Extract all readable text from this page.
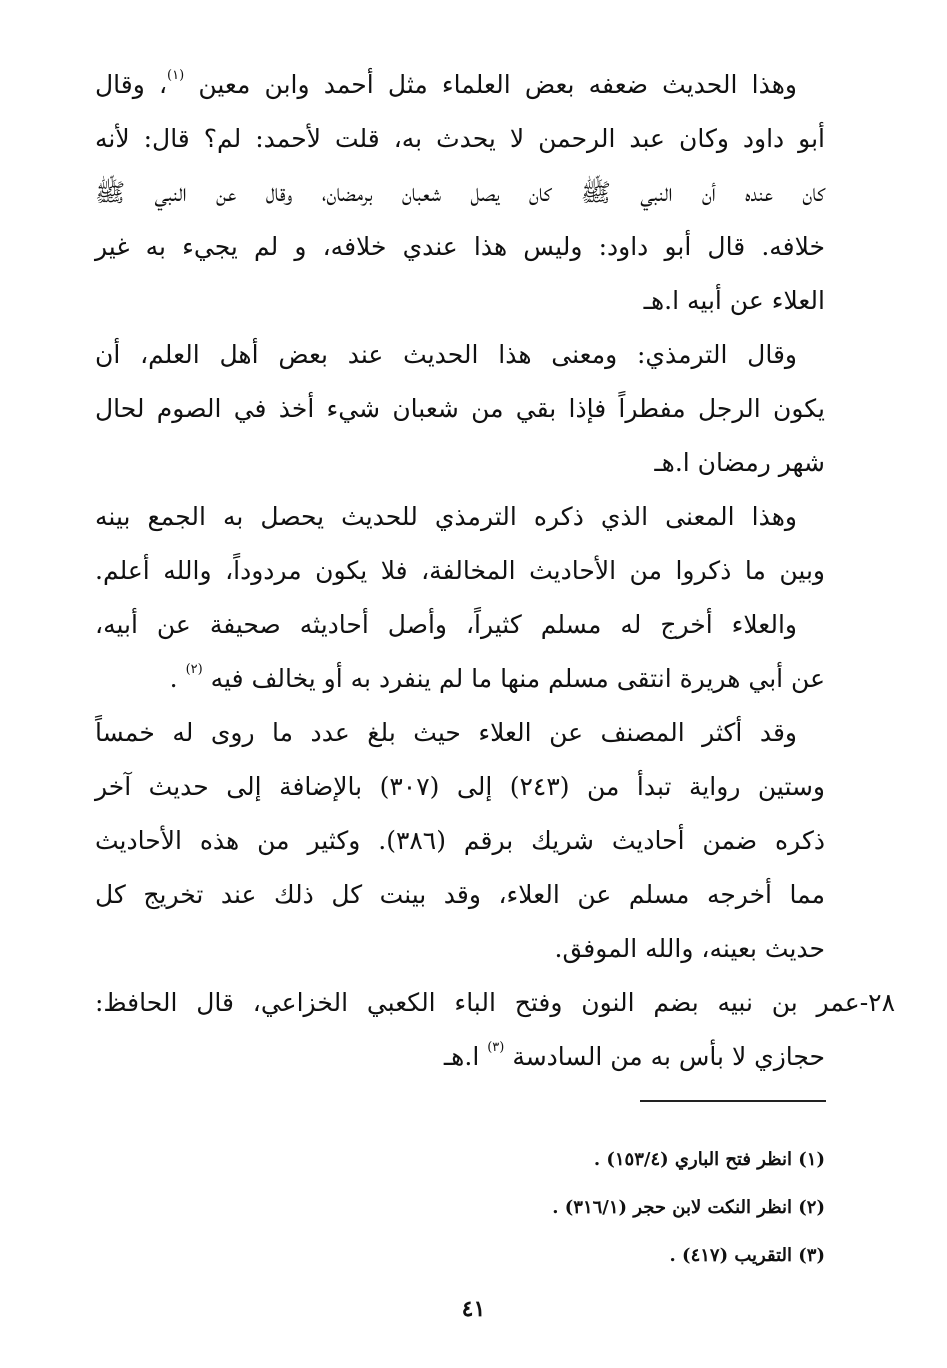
وهذا الحديث ضعفه بعض العلماء مثل أحمد وابن معين $^{(١)}$، وقال
أبو داود وكان عبد الرحمن لا يحدث به، قلت لأحمد: لم؟ قال: لأنه
كان عنده أن النبي ﷺ كان يصل شعبان برمضان، وقال عن النبي ﷺ
خلافه. قال أبو داود: وليس هذا عندي خلافه، و لم يجيء به غير
العلاء عن أبيه ا.هـ
وقال الترمذي: ومعنى هذا الحديث عند بعض أهل العلم، أن
يكون الرجل مفطراً فإذا بقي من شعبان شيء أخذ في الصوم لحال
شهر رمضان ا.هـ
وهذا المعنى الذي ذكره الترمذي للحديث يحصل به الجمع بينه
وبين ما ذكروا من الأحاديث المخالفة، فلا يكون مردوداً، والله أعلم.
والعلاء أخرج له مسلم كثيراً، وأصل أحاديثه صحيفة عن أبيه،
عن أبي هريرة انتقى مسلم منها ما لم ينفرد به أو يخالف فيه $^{(٢)}$ .
وقد أكثر المصنف عن العلاء حيث بلغ عدد ما روى له خمساً
وستين رواية تبدأ من (٢٤٣) إلى (٣٠٧) بالإضافة إلى حديث آخر
ذكره ضمن أحاديث شريك برقم (٣٨٦). وكثير من هذه الأحاديث
مما أخرجه مسلم عن العلاء، وقد بينت كل ذلك عند تخريج كل
حديث بعينه، والله الموفق.
٢٨-عمر بن نبيه بضم النون وفتح الباء الكعبي الخزاعي، قال الحافظ:
حجازي لا بأس به من السادسة $^{(٣)}$ ا.هـ
(١) انظر فتح الباري (١٥٣/٤) .
(٢) انظر النكت لابن حجر (٣١٦/١) .
(٣) التقريب (٤١٧) .
٤١
